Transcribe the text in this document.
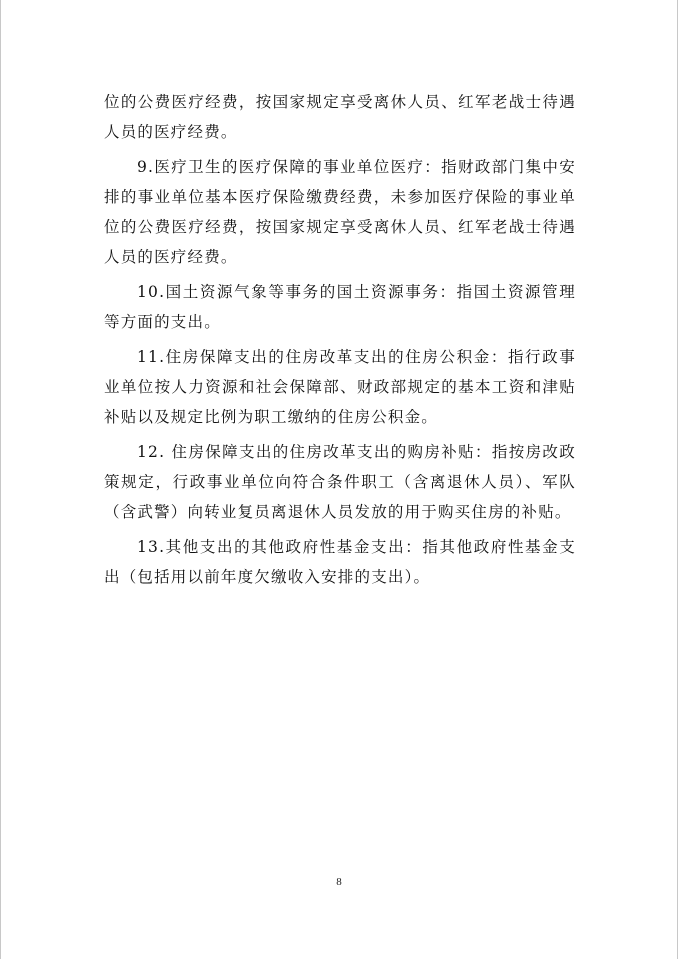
位的公费医疗经费，按国家规定享受离休人员、红军老战士待遇人员的医疗经费。

9.医疗卫生的医疗保障的事业单位医疗：指财政部门集中安排的事业单位基本医疗保险缴费经费，未参加医疗保险的事业单位的公费医疗经费，按国家规定享受离休人员、红军老战士待遇人员的医疗经费。

10.国土资源气象等事务的国土资源事务：指国土资源管理等方面的支出。

11.住房保障支出的住房改革支出的住房公积金：指行政事业单位按人力资源和社会保障部、财政部规定的基本工资和津贴补贴以及规定比例为职工缴纳的住房公积金。

12. 住房保障支出的住房改革支出的购房补贴：指按房改政策规定，行政事业单位向符合条件职工（含离退休人员）、军队（含武警）向转业复员离退休人员发放的用于购买住房的补贴。

13.其他支出的其他政府性基金支出：指其他政府性基金支出（包括用以前年度欠缴收入安排的支出）。

8
